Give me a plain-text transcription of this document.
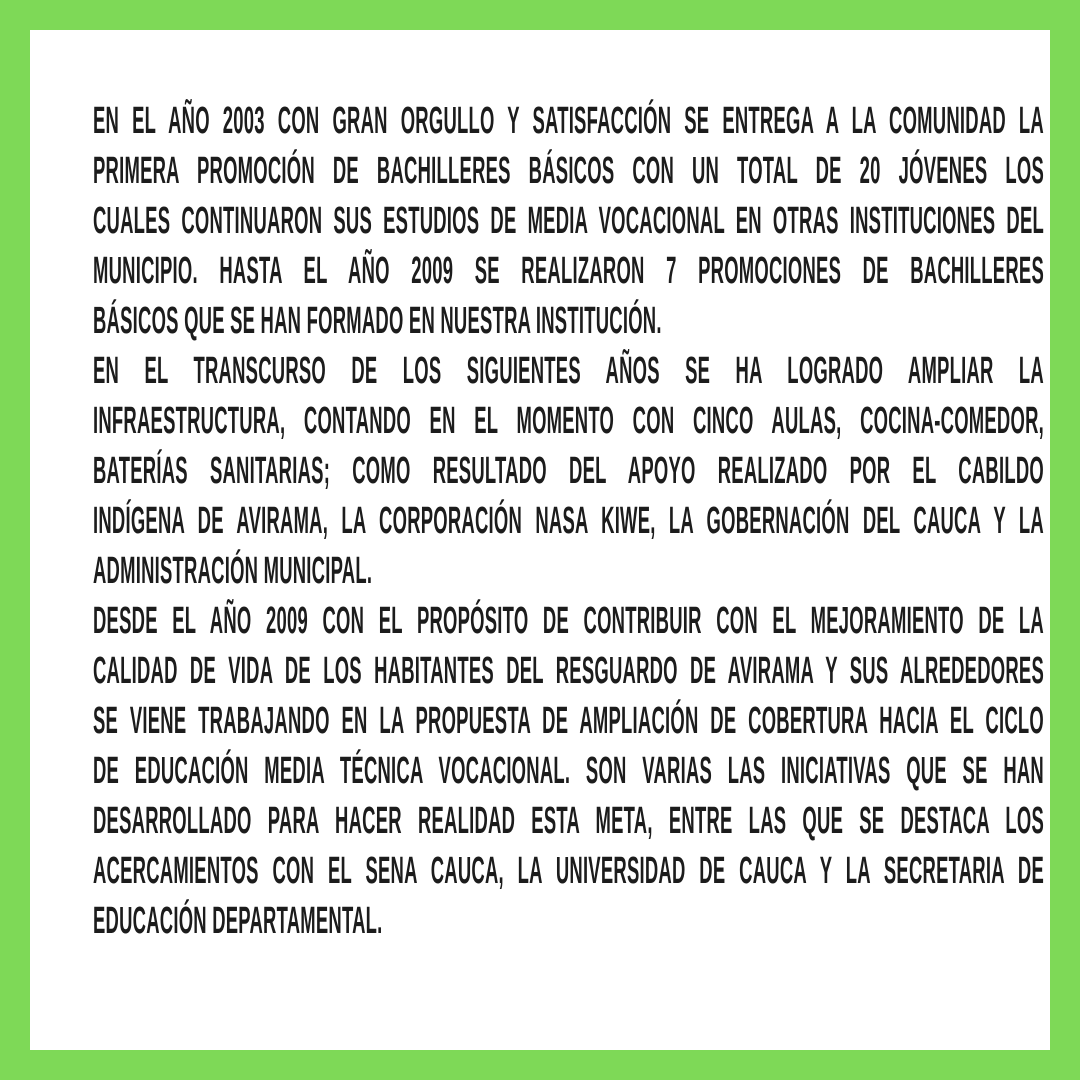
EN EL AÑO 2003 CON GRAN ORGULLO Y SATISFACCIÓN SE ENTREGA A LA COMUNIDAD LA
PRIMERA PROMOCIÓN DE BACHILLERES BÁSICOS CON UN TOTAL DE 20 JÓVENES LOS
CUALES CONTINUARON SUS ESTUDIOS DE MEDIA VOCACIONAL EN OTRAS INSTITUCIONES DEL
MUNICIPIO. HASTA EL AÑO 2009 SE REALIZARON 7 PROMOCIONES DE BACHILLERES
BÁSICOS QUE SE HAN FORMADO EN NUESTRA INSTITUCIÓN.
EN EL TRANSCURSO DE LOS SIGUIENTES AÑOS SE HA LOGRADO AMPLIAR LA
INFRAESTRUCTURA, CONTANDO EN EL MOMENTO CON CINCO AULAS, COCINA-COMEDOR,
BATERÍAS SANITARIAS; COMO RESULTADO DEL APOYO REALIZADO POR EL CABILDO
INDÍGENA DE AVIRAMA, LA CORPORACIÓN NASA KIWE, LA GOBERNACIÓN DEL CAUCA Y LA
ADMINISTRACIÓN MUNICIPAL.
DESDE EL AÑO 2009 CON EL PROPÓSITO DE CONTRIBUIR CON EL MEJORAMIENTO DE LA
CALIDAD DE VIDA DE LOS HABITANTES DEL RESGUARDO DE AVIRAMA Y SUS ALREDEDORES
SE VIENE TRABAJANDO EN LA PROPUESTA DE AMPLIACIÓN DE COBERTURA HACIA EL CICLO
DE EDUCACIÓN MEDIA TÉCNICA VOCACIONAL. SON VARIAS LAS INICIATIVAS QUE SE HAN
DESARROLLADO PARA HACER REALIDAD ESTA META, ENTRE LAS QUE SE DESTACA LOS
ACERCAMIENTOS CON EL SENA CAUCA, LA UNIVERSIDAD DE CAUCA Y LA SECRETARIA DE
EDUCACIÓN DEPARTAMENTAL.
